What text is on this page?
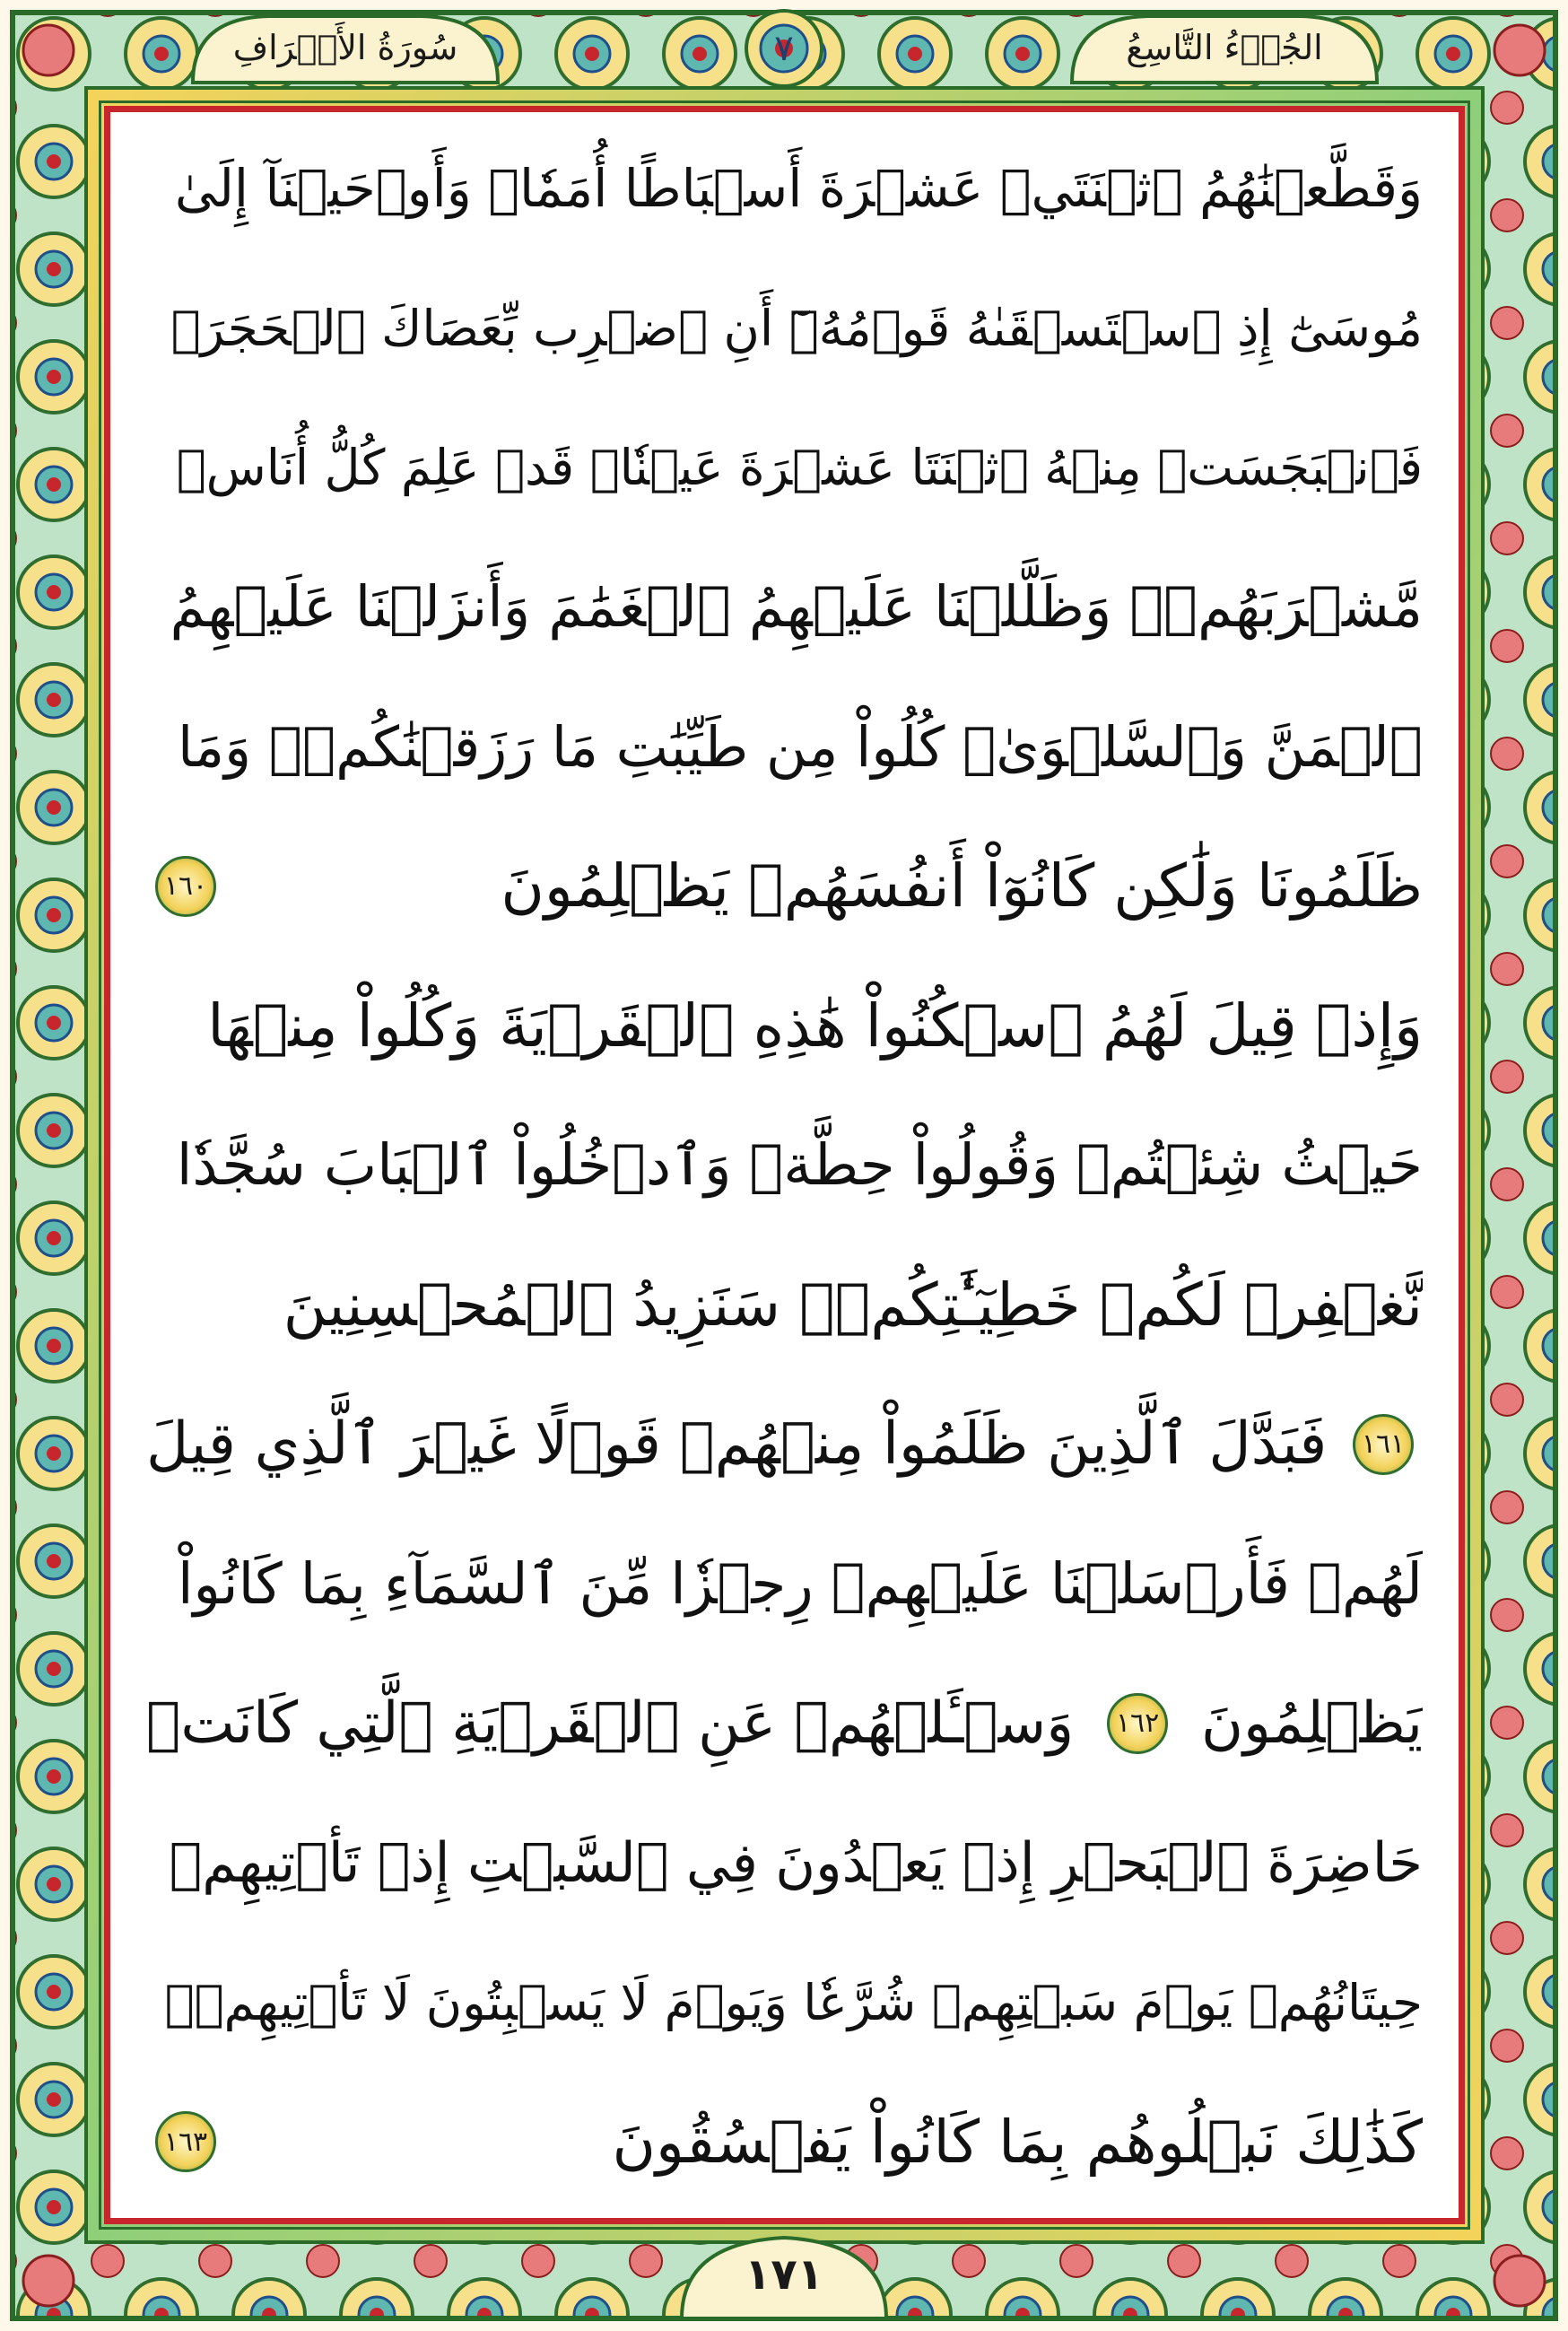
سُورَةُ الأَعۡرَافِ	الجُزۡءُ التَّاسِعُ
٧
وَقَطَّعۡنَٰهُمُ ٱثۡنَتَيۡ عَشۡرَةَ أَسۡبَاطًا أُمَمٗاۚ وَأَوۡحَيۡنَآ إِلَىٰ
مُوسَىٰٓ إِذِ ٱسۡتَسۡقَىٰهُ قَوۡمُهُۥٓ أَنِ ٱضۡرِب بِّعَصَاكَ ٱلۡحَجَرَۖ
فَٱنۢبَجَسَتۡ مِنۡهُ ٱثۡنَتَا عَشۡرَةَ عَيۡنٗاۖ قَدۡ عَلِمَ كُلُّ أُنَاسٖ
مَّشۡرَبَهُمۡۚ وَظَلَّلۡنَا عَلَيۡهِمُ ٱلۡغَمَٰمَ وَأَنزَلۡنَا عَلَيۡهِمُ
ٱلۡمَنَّ وَٱلسَّلۡوَىٰۖ كُلُواْ مِن طَيِّبَٰتِ مَا رَزَقۡنَٰكُمۡۚ وَمَا
ظَلَمُونَا وَلَٰكِن كَانُوٓاْ أَنفُسَهُمۡ يَظۡلِمُونَ
١٦٠
وَإِذۡ قِيلَ لَهُمُ ٱسۡكُنُواْ هَٰذِهِ ٱلۡقَرۡيَةَ وَكُلُواْ مِنۡهَا
حَيۡثُ شِئۡتُمۡ وَقُولُواْ حِطَّةٞ وَٱدۡخُلُواْ ٱلۡبَابَ سُجَّدٗا
نَّغۡفِرۡ لَكُمۡ خَطِيٓـَٰٔتِكُمۡۚ سَنَزِيدُ ٱلۡمُحۡسِنِينَ
١٦١
فَبَدَّلَ ٱلَّذِينَ ظَلَمُواْ مِنۡهُمۡ قَوۡلًا غَيۡرَ ٱلَّذِي قِيلَ
لَهُمۡ فَأَرۡسَلۡنَا عَلَيۡهِمۡ رِجۡزٗا مِّنَ ٱلسَّمَآءِ بِمَا كَانُواْ
يَظۡلِمُونَ
١٦٢
وَسۡـَٔلۡهُمۡ عَنِ ٱلۡقَرۡيَةِ ٱلَّتِي كَانَتۡ
حَاضِرَةَ ٱلۡبَحۡرِ إِذۡ يَعۡدُونَ فِي ٱلسَّبۡتِ إِذۡ تَأۡتِيهِمۡ
حِيتَانُهُمۡ يَوۡمَ سَبۡتِهِمۡ شُرَّعٗا وَيَوۡمَ لَا يَسۡبِتُونَ لَا تَأۡتِيهِمۡۚ
كَذَٰلِكَ نَبۡلُوهُم بِمَا كَانُواْ يَفۡسُقُونَ
١٦٣
١٧١
